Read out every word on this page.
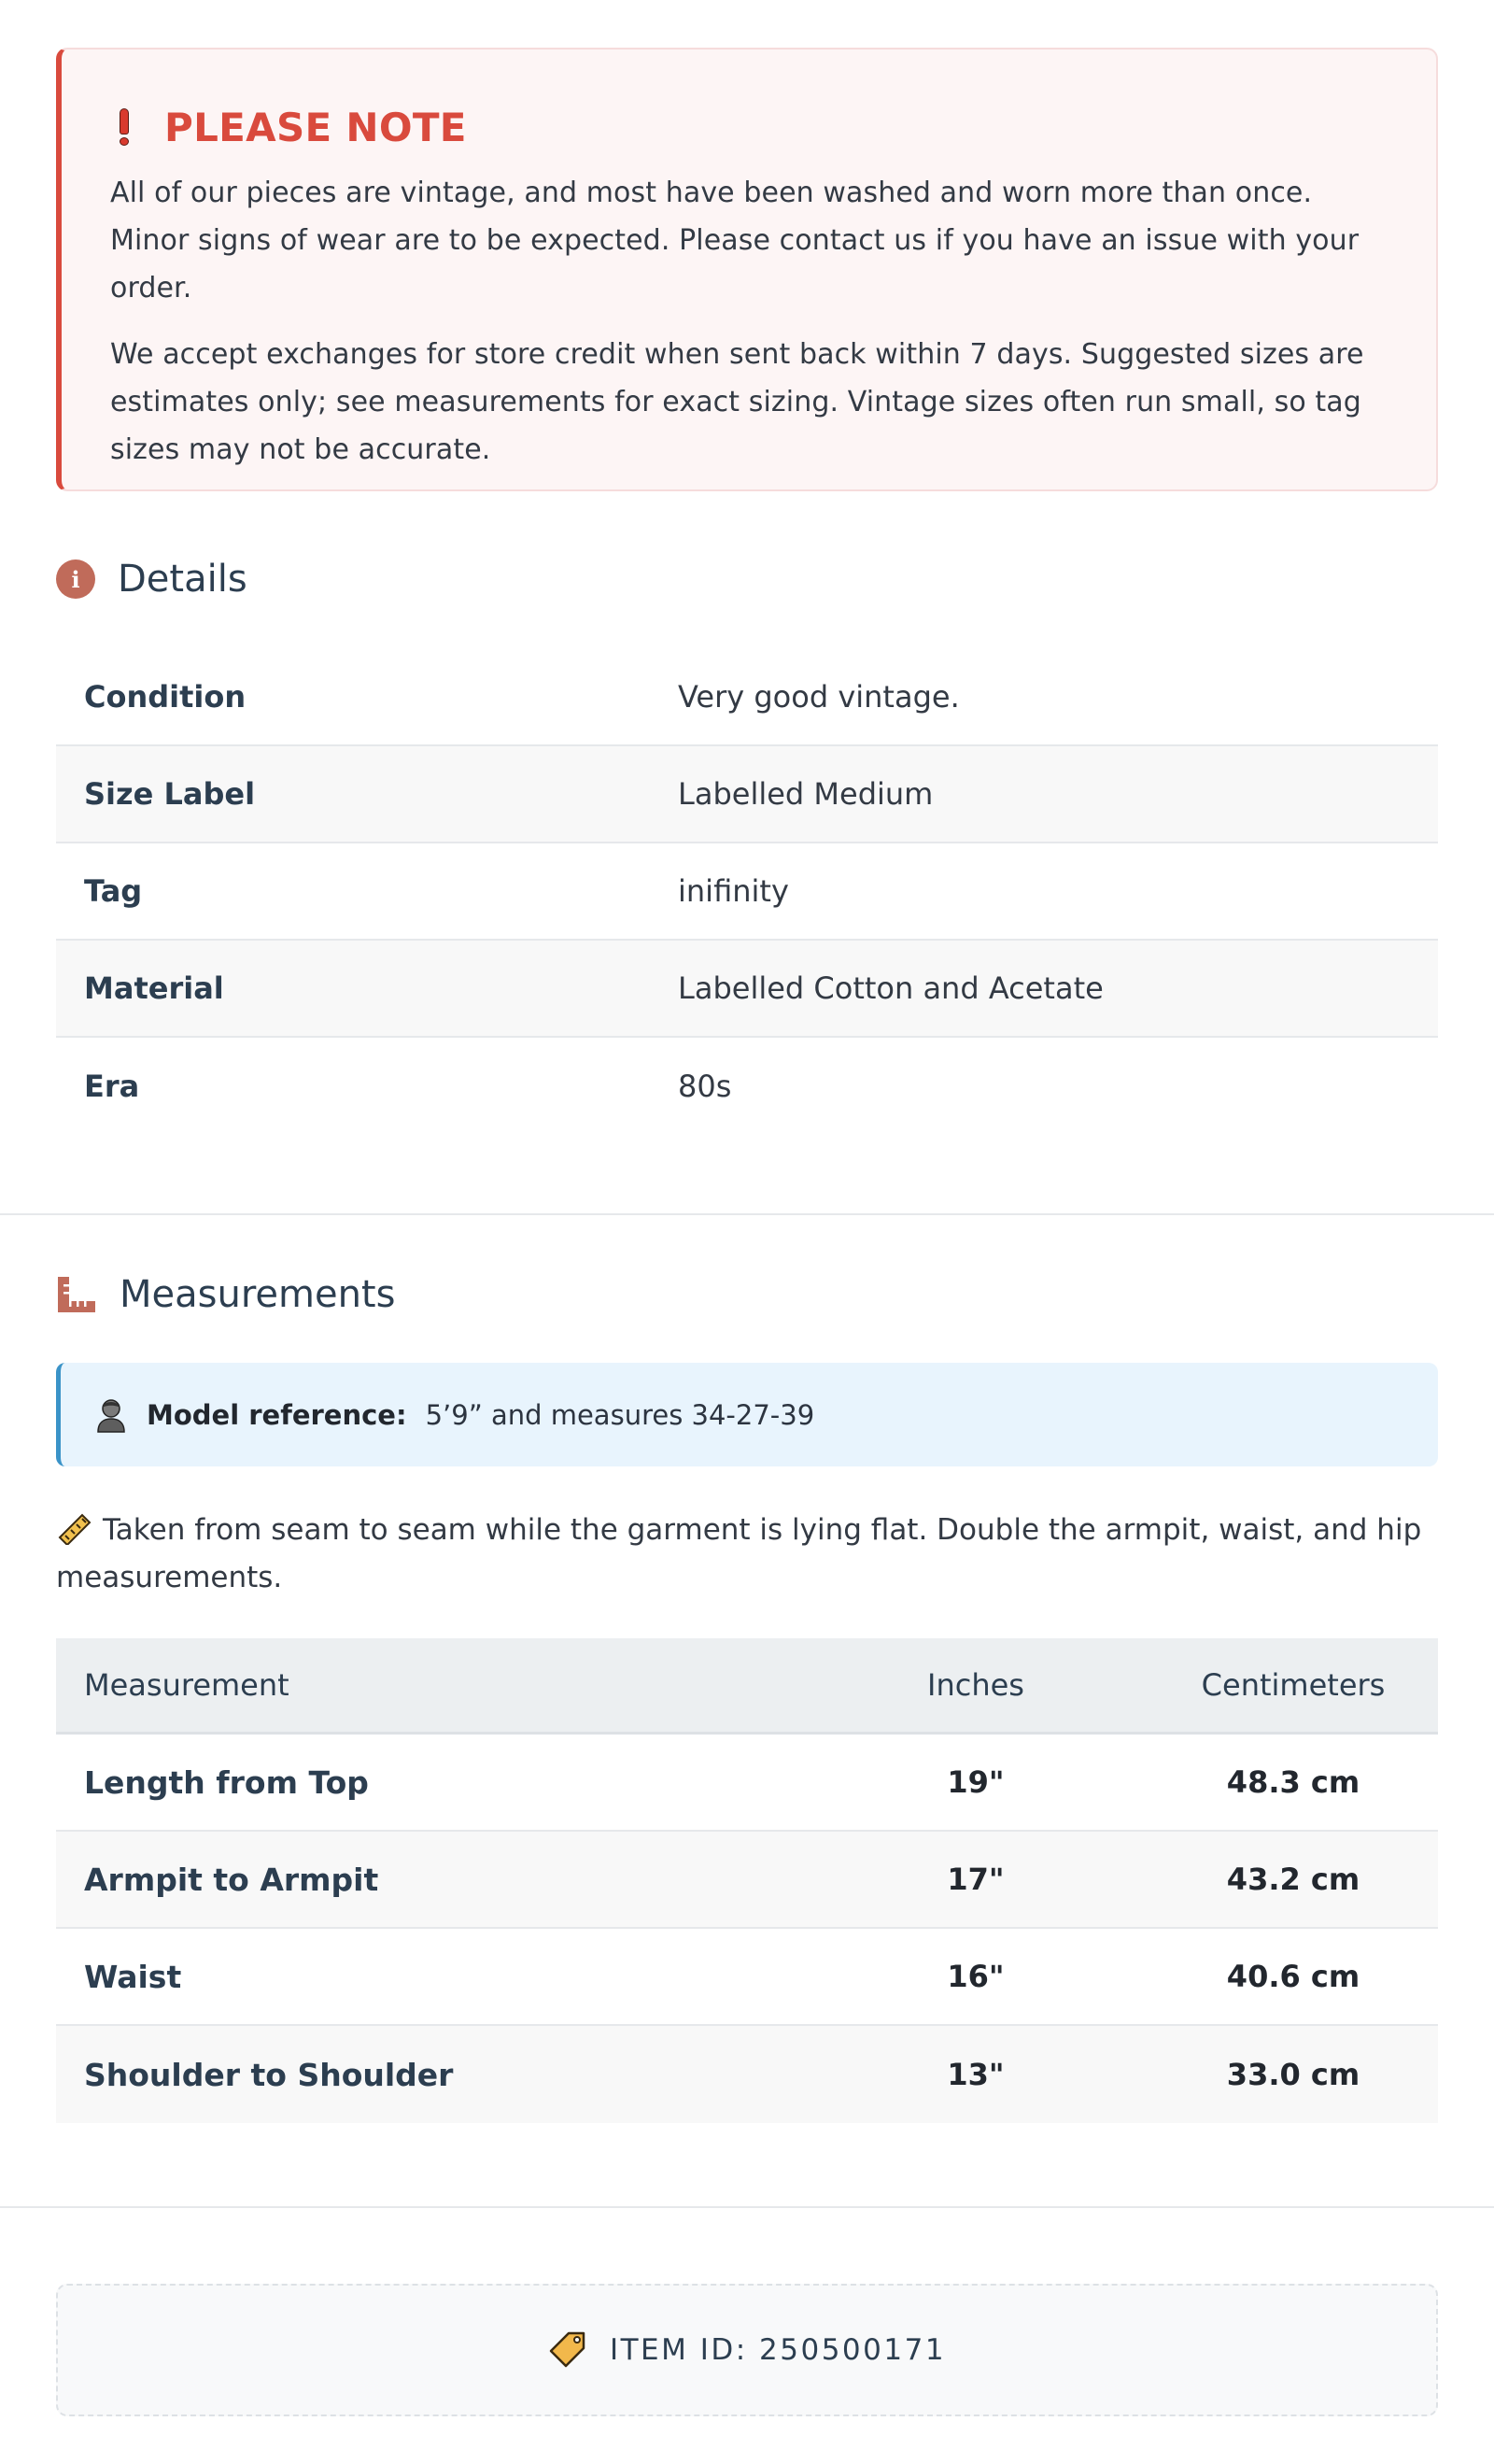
PLEASE NOTE

All of our pieces are vintage, and most have been washed and worn more than once. Minor signs of wear are to be expected. Please contact us if you have an issue with your order.

We accept exchanges for store credit when sent back within 7 days. Suggested sizes are estimates only; see measurements for exact sizing. Vintage sizes often run small, so tag sizes may not be accurate.

i	Details
Condition	Very good vintage.
Size Label	Labelled Medium
Tag	inifinity
Material	Labelled Cotton and Acetate
Era	80s
Measurements
Model reference: 5’9” and measures 34-27-39
Taken from seam to seam while the garment is lying flat. Double the armpit, waist, and hip measurements.
Measurement	Inches	Centimeters
Length from Top	19"	48.3 cm
Armpit to Armpit	17"	43.2 cm
Waist	16"	40.6 cm
Shoulder to Shoulder	13"	33.0 cm
ITEM ID: 250500171
